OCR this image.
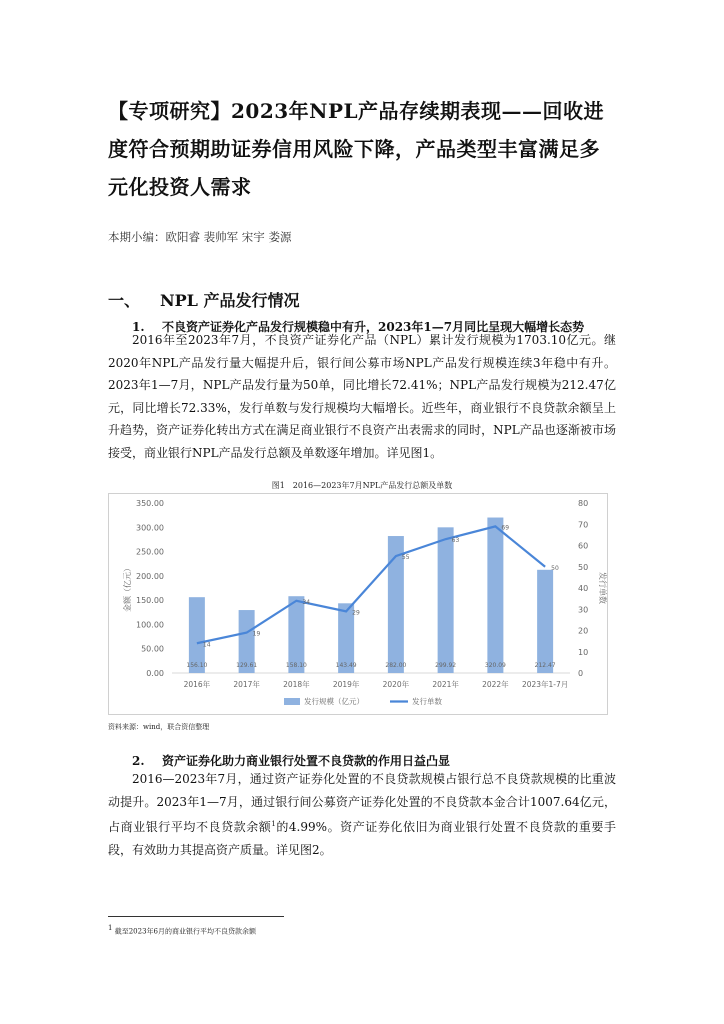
【专项研究】2023年NPL产品存续期表现——回收进度符合预期助证券信用风险下降，产品类型丰富满足多元化投资人需求
本期小编：欧阳睿 裴帅军 宋宇 娄源
一、 NPL 产品发行情况
1. 不良资产证券化产品发行规模稳中有升，2023年1—7月同比呈现大幅增长态势
2016年至2023年7月，不良资产证券化产品（NPL）累计发行规模为1703.10亿元。继2020年NPL产品发行量大幅提升后，银行间公募市场NPL产品发行规模连续3年稳中有升。2023年1—7月，NPL产品发行量为50单，同比增长72.41%；NPL产品发行规模为212.47亿元，同比增长72.33%，发行单数与发行规模均大幅增长。近些年，商业银行不良贷款余额呈上升趋势，资产证券化转出方式在满足商业银行不良资产出表需求的同时，NPL产品也逐渐被市场接受，商业银行NPL产品发行总额及单数逐年增加。详见图1。
图1　2016—2023年7月NPL产品发行总额及单数
0.00
50.00
100.00
150.00
200.00
250.00
300.00
350.00
0
10
20
30
40
50
60
70
80
金额（亿元）	发行单数
156.10	129.61	158.10	143.49	282.00	299.92	320.09	212.47
2016年	2017年	2018年	2019年	2020年	2021年	2022年 2023年1-7月
14
19
34
29
55
63
69
50
发行规模（亿元）	发行单数
资料来源：wind，联合资信整理
2. 资产证券化助力商业银行处置不良贷款的作用日益凸显
2016—2023年7月，通过资产证券化处置的不良贷款规模占银行总不良贷款规模的比重波动提升。2023年1—7月，通过银行间公募资产证券化处置的不良贷款本金合计1007.64亿元，占商业银行平均不良贷款余额$^1$的4.99%。资产证券化依旧为商业银行处置不良贷款的重要手段，有效助力其提高资产质量。详见图2。
$^1$ 截至2023年6月的商业银行平均不良贷款余额
